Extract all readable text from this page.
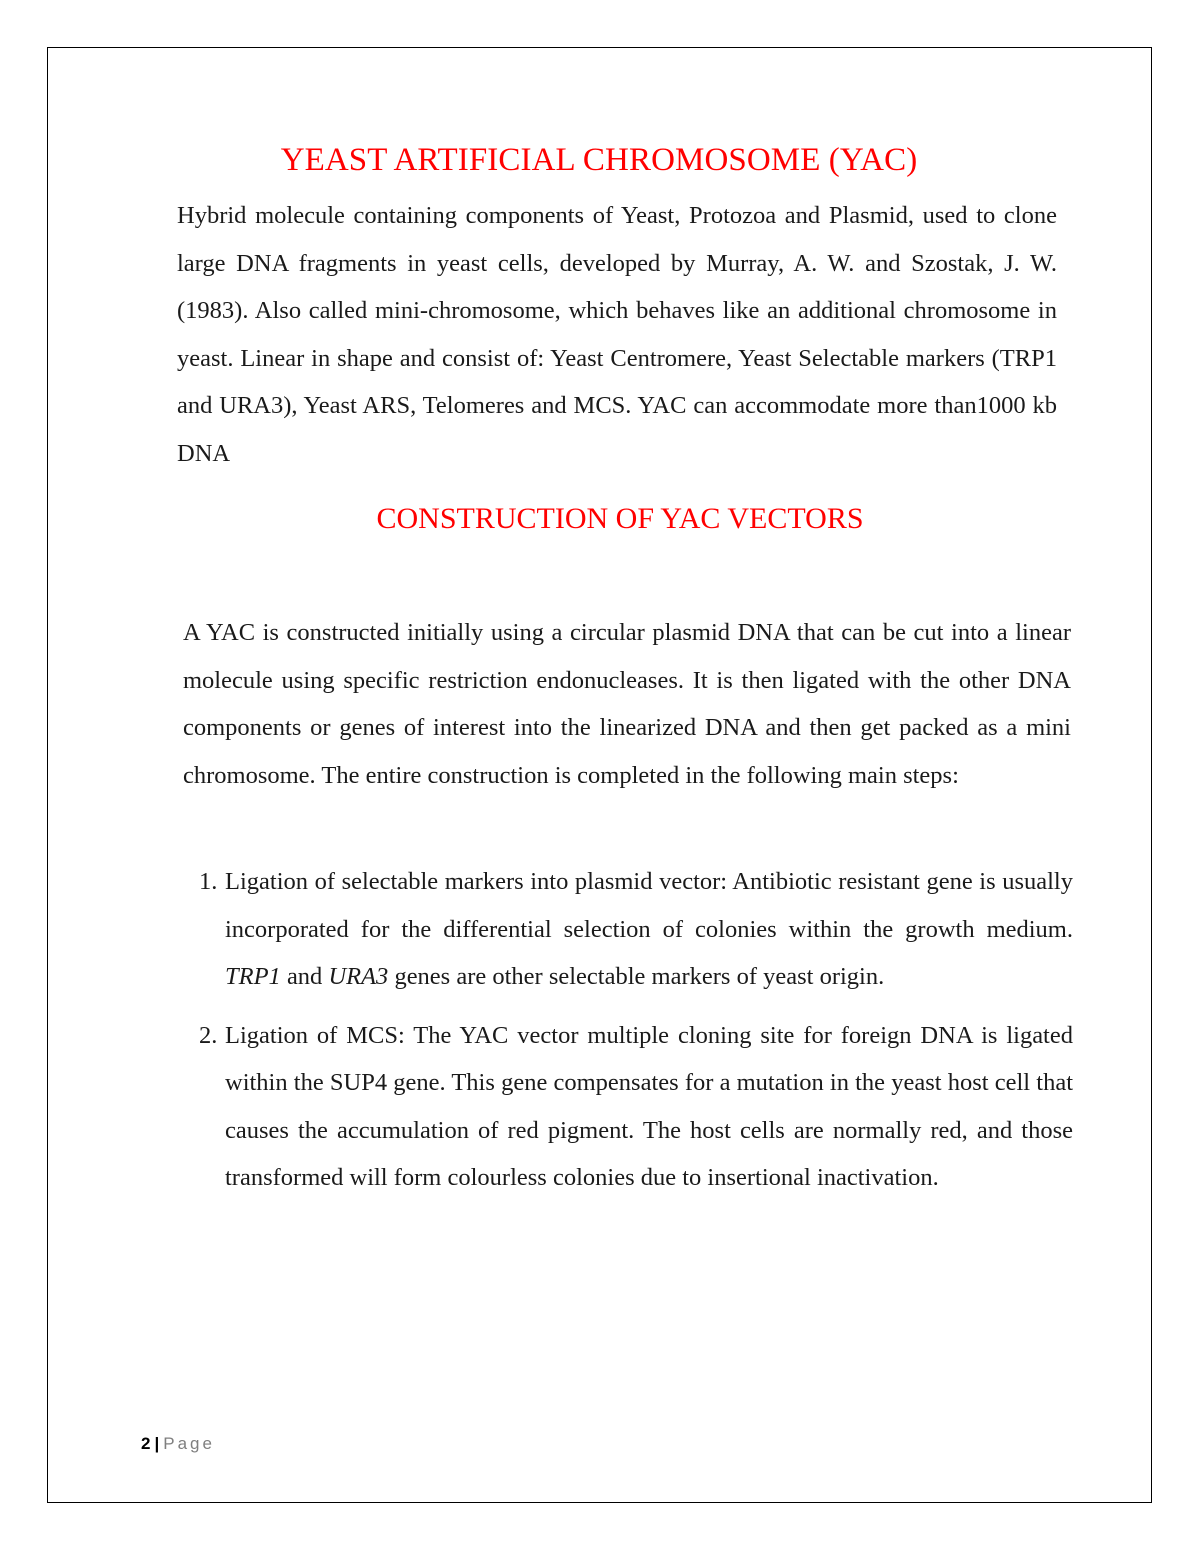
YEAST ARTIFICIAL CHROMOSOME (YAC)

Hybrid molecule containing components of Yeast, Protozoa and Plasmid, used to clone large DNA fragments in yeast cells, developed by Murray, A. W. and Szostak, J. W. (1983). Also called mini-chromosome, which behaves like an additional chromosome in yeast. Linear in shape and consist of: Yeast Centromere, Yeast Selectable markers (TRP1 and URA3), Yeast ARS, Telomeres and MCS. YAC can accommodate more than1000 kb DNA

CONSTRUCTION OF YAC VECTORS

A YAC is constructed initially using a circular plasmid DNA that can be cut into a linear molecule using specific restriction endonucleases. It is then ligated with the other DNA components or genes of interest into the linearized DNA and then get packed as a mini chromosome. The entire construction is completed in the following main steps:

1. Ligation of selectable markers into plasmid vector: Antibiotic resistant gene is usually incorporated for the differential selection of colonies within the growth medium. TRP1 and URA3 genes are other selectable markers of yeast origin.
2. Ligation of MCS: The YAC vector multiple cloning site for foreign DNA is ligated within the SUP4 gene. This gene compensates for a mutation in the yeast host cell that causes the accumulation of red pigment. The host cells are normally red, and those transformed will form colourless colonies due to insertional inactivation.
2 | Page
